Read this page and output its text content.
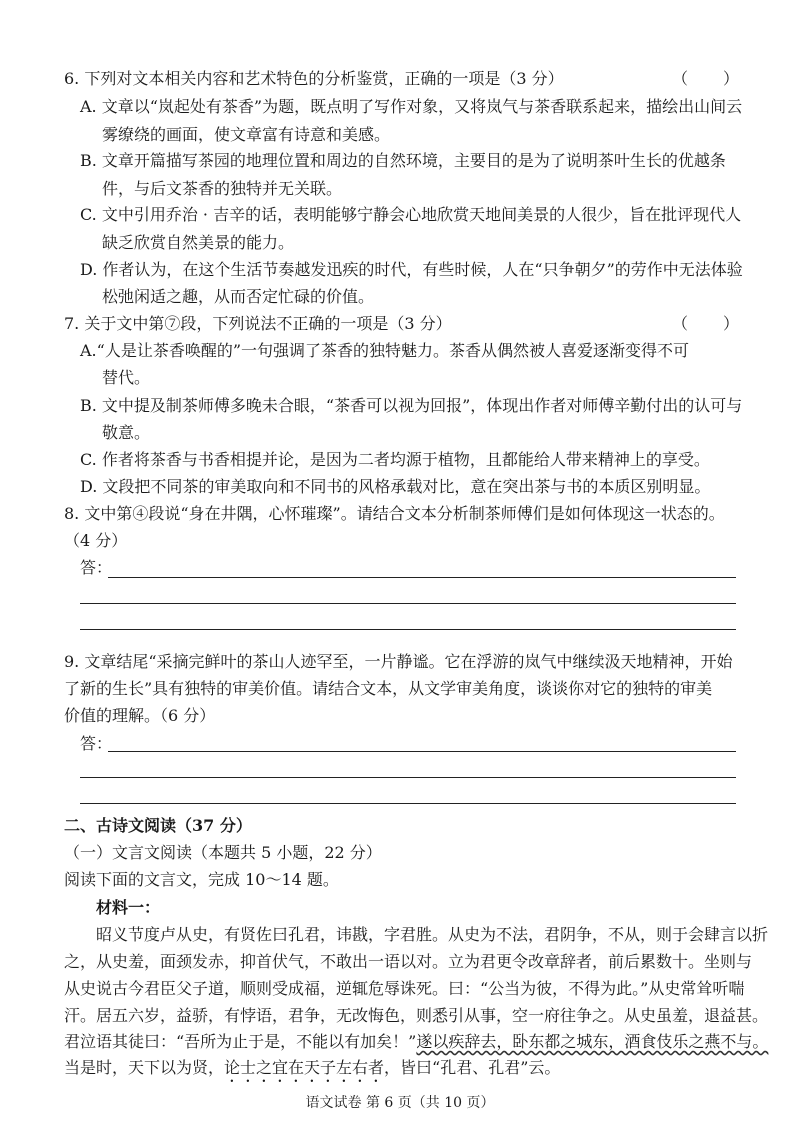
6. 下列对文本相关内容和艺术特色的分析鉴赏，正确的一项是（3 分）	（　　）
A. 文章以“岚起处有茶香”为题，既点明了写作对象，又将岚气与茶香联系起来，描绘出山间云
雾缭绕的画面，使文章富有诗意和美感。
B. 文章开篇描写茶园的地理位置和周边的自然环境，主要目的是为了说明茶叶生长的优越条
件，与后文茶香的独特并无关联。
C. 文中引用乔治 · 吉辛的话，表明能够宁静会心地欣赏天地间美景的人很少，旨在批评现代人
缺乏欣赏自然美景的能力。
D. 作者认为，在这个生活节奏越发迅疾的时代，有些时候，人在“只争朝夕”的劳作中无法体验
松弛闲适之趣，从而否定忙碌的价值。
7. 关于文中第⑦段，下列说法不正确的一项是（3 分）	（　　）
A.“人是让茶香唤醒的”一句强调了茶香的独特魅力。茶香从偶然被人喜爱逐渐变得不可
替代。
B. 文中提及制茶师傅多晚未合眼，“茶香可以视为回报”，体现出作者对师傅辛勤付出的认可与
敬意。
C. 作者将茶香与书香相提并论，是因为二者均源于植物，且都能给人带来精神上的享受。
D. 文段把不同茶的审美取向和不同书的风格承载对比，意在突出茶与书的本质区别明显。
8. 文中第④段说“身在井隅，心怀璀璨”。请结合文本分析制茶师傅们是如何体现这一状态的。
（4 分）
答：
9. 文章结尾“采摘完鲜叶的茶山人迹罕至，一片静谧。它在浮游的岚气中继续汲天地精神，开始
了新的生长”具有独特的审美价值。请结合文本，从文学审美角度，谈谈你对它的独特的审美
价值的理解。（6 分）
答：
二、古诗文阅读（37 分）
（一）文言文阅读（本题共 5 小题，22 分）
阅读下面的文言文，完成 10～14 题。
材料一：
昭义节度卢从史，有贤佐曰孔君，讳戡，字君胜。从史为不法，君阴争，不从，则于会肆言以折
之，从史羞，面颈发赤，抑首伏气，不敢出一语以对。立为君更令改章辞者，前后累数十。坐则与
从史说古今君臣父子道，顺则受成福，逆辄危辱诛死。曰：“公当为彼，不得为此。”从史常耸听喘
汗。居五六岁，益骄，有悖语，君争，无改悔色，则悉引从事，空一府往争之。从史虽羞，退益甚。
君泣语其徒曰：“吾所为止于是，不能以有加矣！”遂以疾辞去，卧东都之城东，酒食伎乐之燕不与。
当是时，天下以为贤，论士之宜在天子左右者，皆曰“孔君、孔君”云。
语文试卷 第 6 页（共 10 页）
